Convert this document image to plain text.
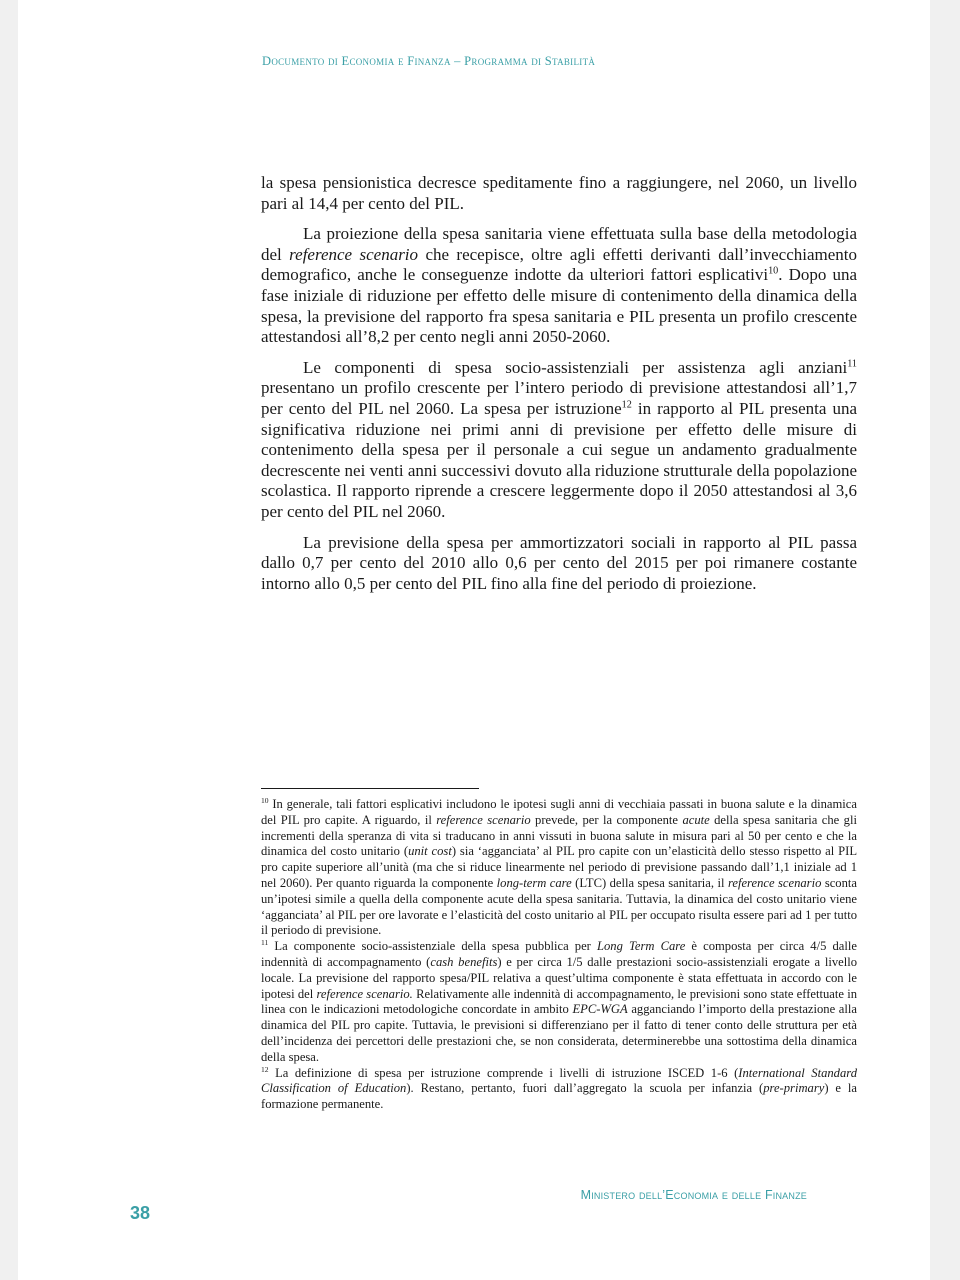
Documento di Economia e Finanza – Programma di Stabilità

la spesa pensionistica decresce speditamente fino a raggiungere, nel 2060, un livello pari al 14,4 per cento del PIL.

La proiezione della spesa sanitaria viene effettuata sulla base della metodologia del reference scenario che recepisce, oltre agli effetti derivanti dall’invecchiamento demografico, anche le conseguenze indotte da ulteriori fattori esplicativi$^{10}$. Dopo una fase iniziale di riduzione per effetto delle misure di contenimento della dinamica della spesa, la previsione del rapporto fra spesa sanitaria e PIL presenta un profilo crescente attestandosi all’8,2 per cento negli anni 2050-2060.

Le componenti di spesa socio-assistenziali per assistenza agli anziani$^{11}$ presentano un profilo crescente per l’intero periodo di previsione attestandosi all’1,7 per cento del PIL nel 2060. La spesa per istruzione$^{12}$ in rapporto al PIL presenta una significativa riduzione nei primi anni di previsione per effetto delle misure di contenimento della spesa per il personale a cui segue un andamento gradualmente decrescente nei venti anni successivi dovuto alla riduzione strutturale della popolazione scolastica. Il rapporto riprende a crescere leggermente dopo il 2050 attestandosi al 3,6 per cento del PIL nel 2060.

La previsione della spesa per ammortizzatori sociali in rapporto al PIL passa dallo 0,7 per cento del 2010 allo 0,6 per cento del 2015 per poi rimanere costante intorno allo 0,5 per cento del PIL fino alla fine del periodo di proiezione.

$^{10}$ In generale, tali fattori esplicativi includono le ipotesi sugli anni di vecchiaia passati in buona salute e la dinamica del PIL pro capite. A riguardo, il reference scenario prevede, per la componente acute della spesa sanitaria che gli incrementi della speranza di vita si traducano in anni vissuti in buona salute in misura pari al 50 per cento e che la dinamica del costo unitario (unit cost) sia ‘agganciata’ al PIL pro capite con un’elasticità dello stesso rispetto al PIL pro capite superiore all’unità (ma che si riduce linearmente nel periodo di previsione passando dall’1,1 iniziale ad 1 nel 2060). Per quanto riguarda la componente long-term care (LTC) della spesa sanitaria, il reference scenario sconta un’ipotesi simile a quella della componente acute della spesa sanitaria. Tuttavia, la dinamica del costo unitario viene ‘agganciata’ al PIL per ore lavorate e l’elasticità del costo unitario al PIL per occupato risulta essere pari ad 1 per tutto il periodo di previsione.

$^{11}$ La componente socio-assistenziale della spesa pubblica per Long Term Care è composta per circa 4/5 dalle indennità di accompagnamento (cash benefits) e per circa 1/5 dalle prestazioni socio-assistenziali erogate a livello locale. La previsione del rapporto spesa/PIL relativa a quest’ultima componente è stata effettuata in accordo con le ipotesi del reference scenario. Relativamente alle indennità di accompagnamento, le previsioni sono state effettuate in linea con le indicazioni metodologiche concordate in ambito EPC-WGA agganciando l’importo della prestazione alla dinamica del PIL pro capite. Tuttavia, le previsioni si differenziano per il fatto di tener conto delle struttura per età dell’incidenza dei percettori delle prestazioni che, se non considerata, determinerebbe una sottostima della dinamica della spesa.

$^{12}$ La definizione di spesa per istruzione comprende i livelli di istruzione ISCED 1-6 (International Standard Classification of Education). Restano, pertanto, fuori dall’aggregato la scuola per infanzia (pre-primary) e la formazione permanente.

Ministero dell’Economia e delle Finanze
38
